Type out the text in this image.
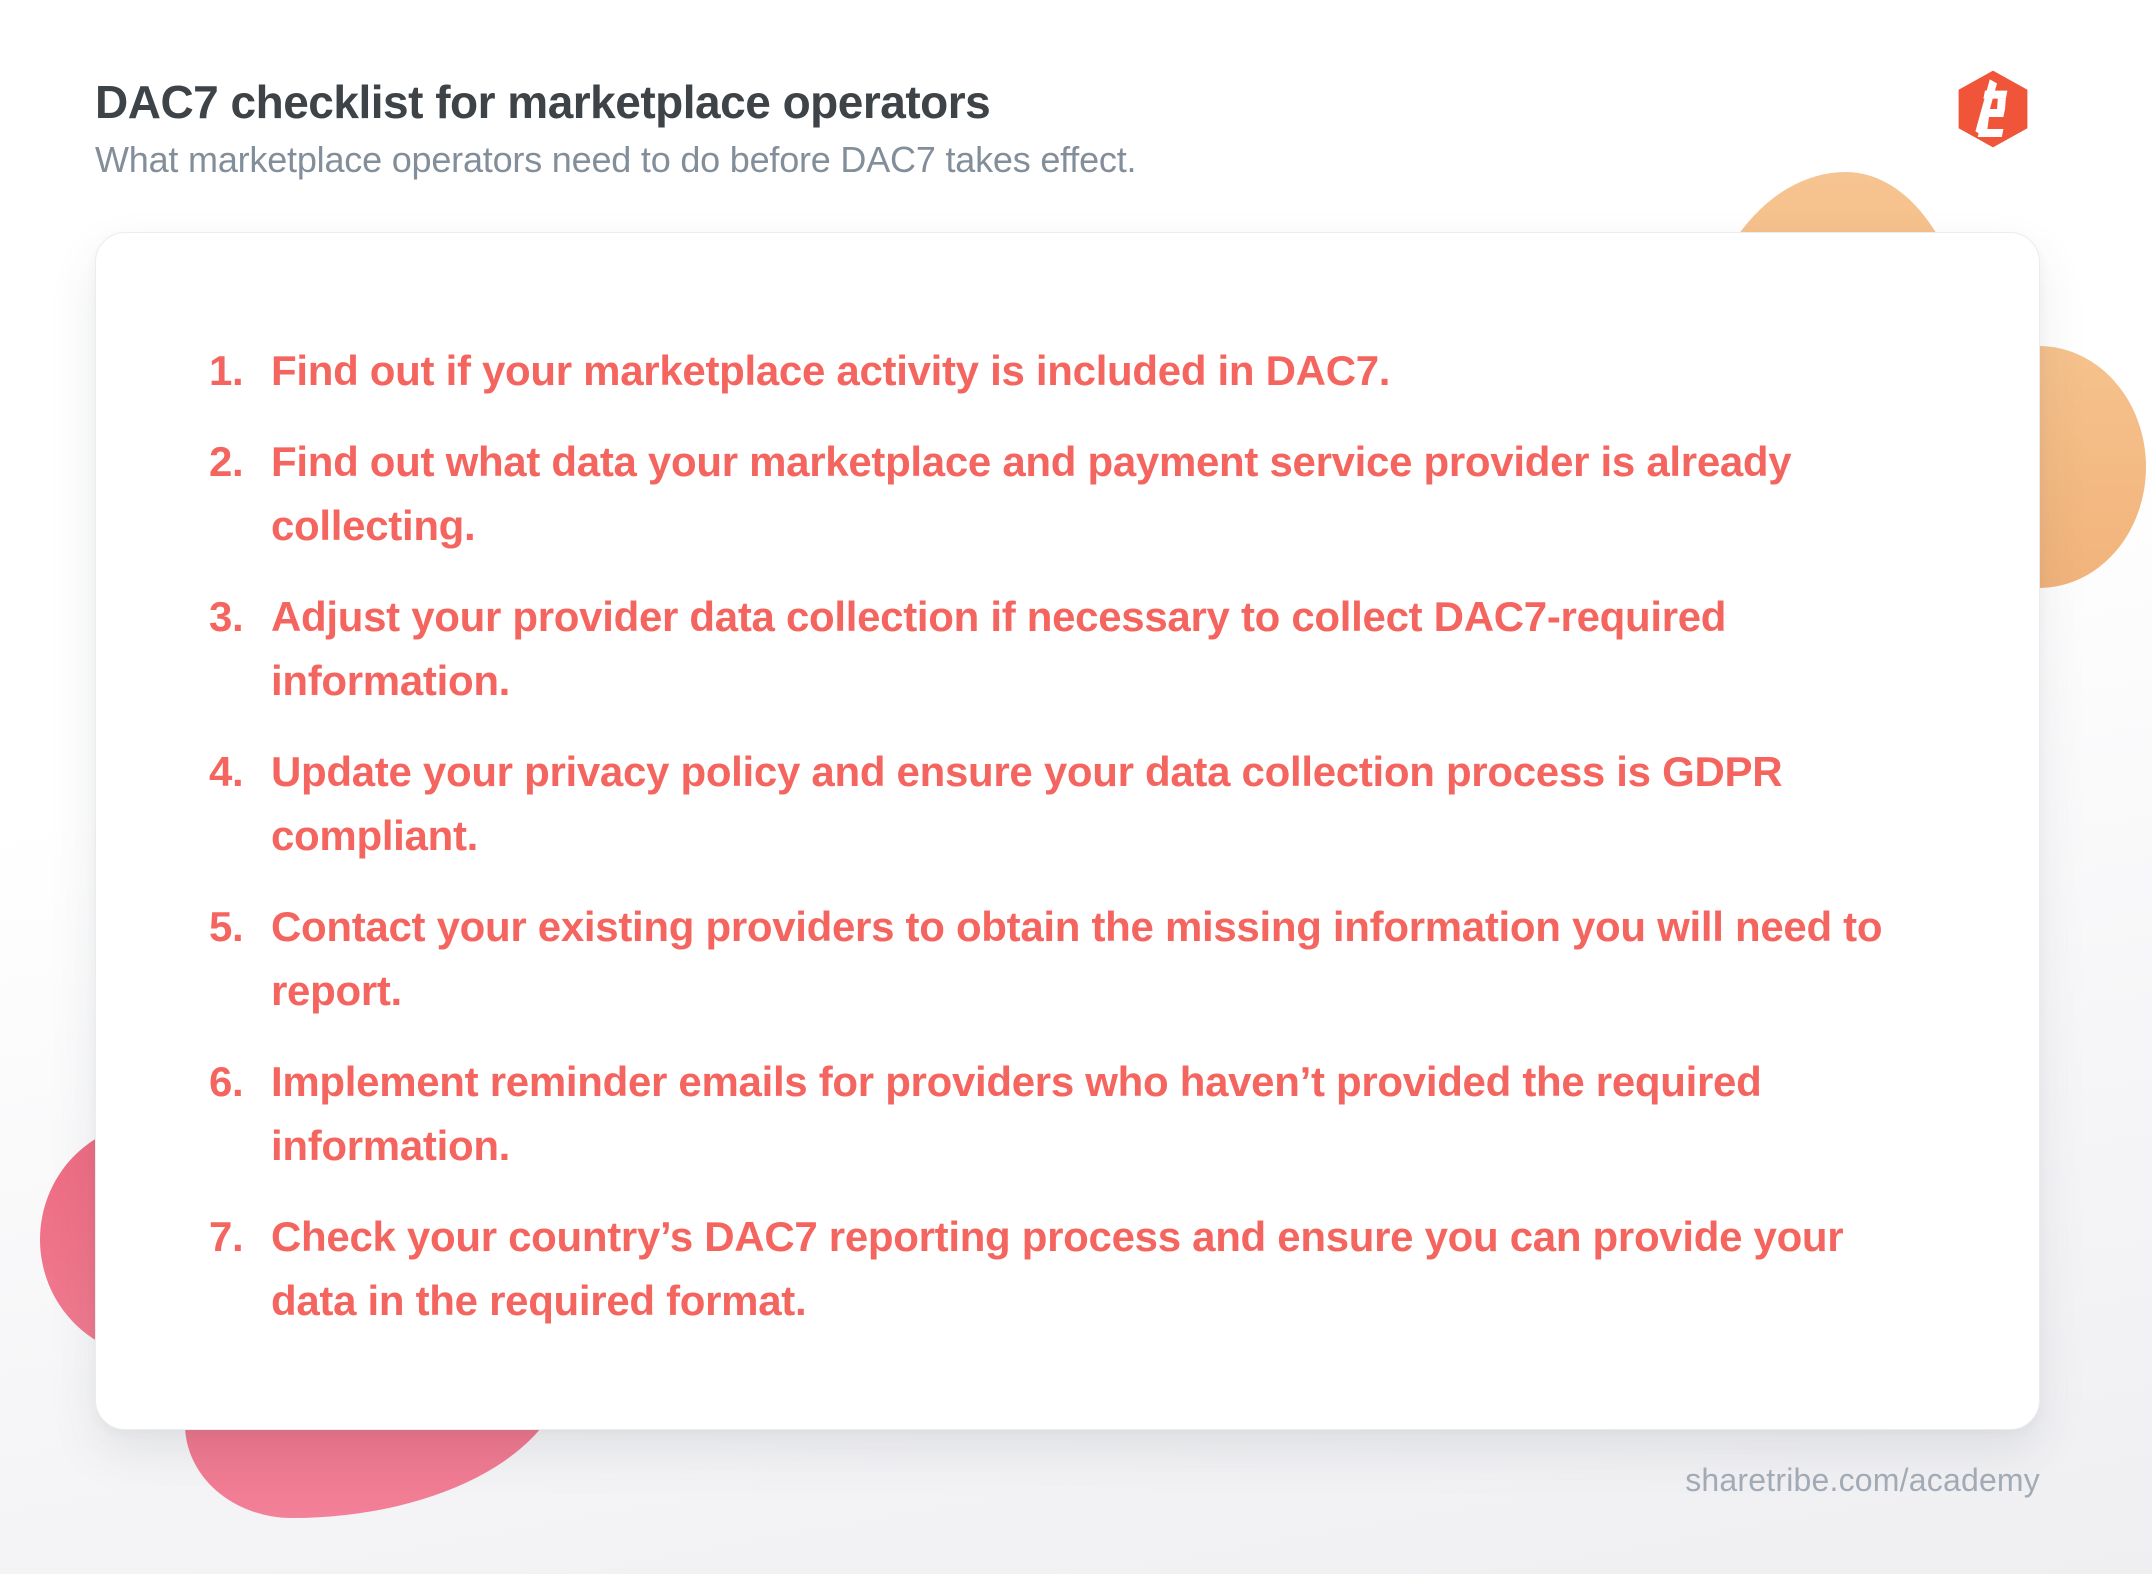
DAC7 checklist for marketplace operators
What marketplace operators need to do before DAC7 takes effect.
1. Find out if your marketplace activity is included in DAC7.
2. Find out what data your marketplace and payment service provider is already collecting.
3. Adjust your provider data collection if necessary to collect DAC7-required information.
4. Update your privacy policy and ensure your data collection process is GDPR compliant.
5. Contact your existing providers to obtain the missing information you will need to report.
6. Implement reminder emails for providers who haven’t provided the required information.
7. Check your country’s DAC7 reporting process and ensure you can provide your data in the required format.
sharetribe.com/academy
